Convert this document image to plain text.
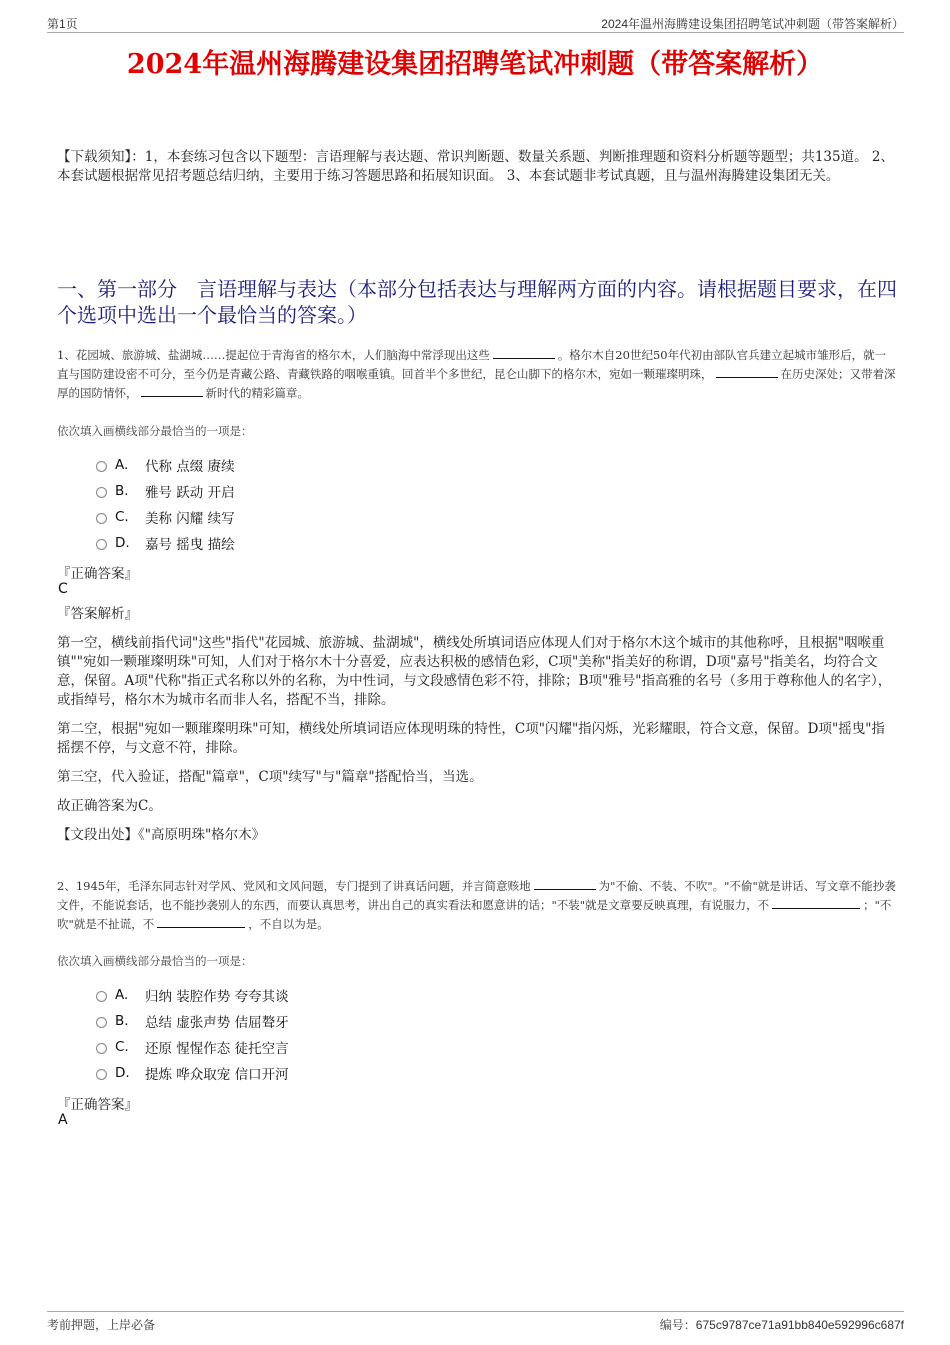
第1页	2024年温州海腾建设集团招聘笔试冲刺题（带答案解析）
2024年温州海腾建设集团招聘笔试冲刺题（带答案解析）
【下载须知】：1，本套练习包含以下题型：言语理解与表达题、常识判断题、数量关系题、判断推理题和资料分析题等题型；共135道。 2、本套试题根据常见招考题总结归纳，主要用于练习答题思路和拓展知识面。 3、本套试题非考试真题，且与温州海腾建设集团无关。
一、第一部分　言语理解与表达（本部分包括表达与理解两方面的内容。请根据题目要求，在四个选项中选出一个最恰当的答案。）
1、花园城、旅游城、盐湖城……提起位于青海省的格尔木，人们脑海中常浮现出这些	。格尔木自20世纪50年代初由部队官兵建立起城市雏形后，就一直与国防建设密不可分，至今仍是青藏公路、青藏铁路的咽喉重镇。回首半个多世纪，昆仑山脚下的格尔木，宛如一颗璀璨明珠，	在历史深处；又带着深厚的国防情怀，	新时代的精彩篇章。
依次填入画横线部分最恰当的一项是：
A.	代称 点缀 赓续
B.	雅号 跃动 开启
C.	美称 闪耀 续写
D.	嘉号 摇曳 描绘
『正确答案』
C
『答案解析』

第一空，横线前指代词"这些"指代"花园城、旅游城、盐湖城"，横线处所填词语应体现人们对于格尔木这个城市的其他称呼，且根据"咽喉重镇""宛如一颗璀璨明珠"可知，人们对于格尔木十分喜爱，应表达积极的感情色彩，C项"美称"指美好的称谓，D项"嘉号"指美名，均符合文意，保留。A项"代称"指正式名称以外的名称，为中性词，与文段感情色彩不符，排除；B项"雅号"指高雅的名号（多用于尊称他人的名字），或指绰号，格尔木为城市名而非人名，搭配不当，排除。

第二空，根据"宛如一颗璀璨明珠"可知，横线处所填词语应体现明珠的特性，C项"闪耀"指闪烁，光彩耀眼，符合文意，保留。D项"摇曳"指摇摆不停，与文意不符，排除。

第三空，代入验证，搭配"篇章"，C项"续写"与"篇章"搭配恰当，当选。

故正确答案为C。

【文段出处】《"高原明珠"格尔木》

2、1945年，毛泽东同志针对学风、党风和文风问题，专门提到了讲真话问题，并言简意赅地	为"不偷、不装、不吹"。"不偷"就是讲话、写文章不能抄袭文件，不能说套话，也不能抄袭别人的东西，而要认真思考，讲出自己的真实看法和愿意讲的话；"不装"就是文章要反映真理，有说服力，不	；"不吹"就是不扯谎，不	，不自以为是。
依次填入画横线部分最恰当的一项是：
A.	归纳 装腔作势 夸夸其谈
B.	总结 虚张声势 佶屈聱牙
C.	还原 惺惺作态 徒托空言
D.	提炼 哗众取宠 信口开河
『正确答案』
A
考前押题，上岸必备	编号：675c9787ce71a91bb840e592996c687f
